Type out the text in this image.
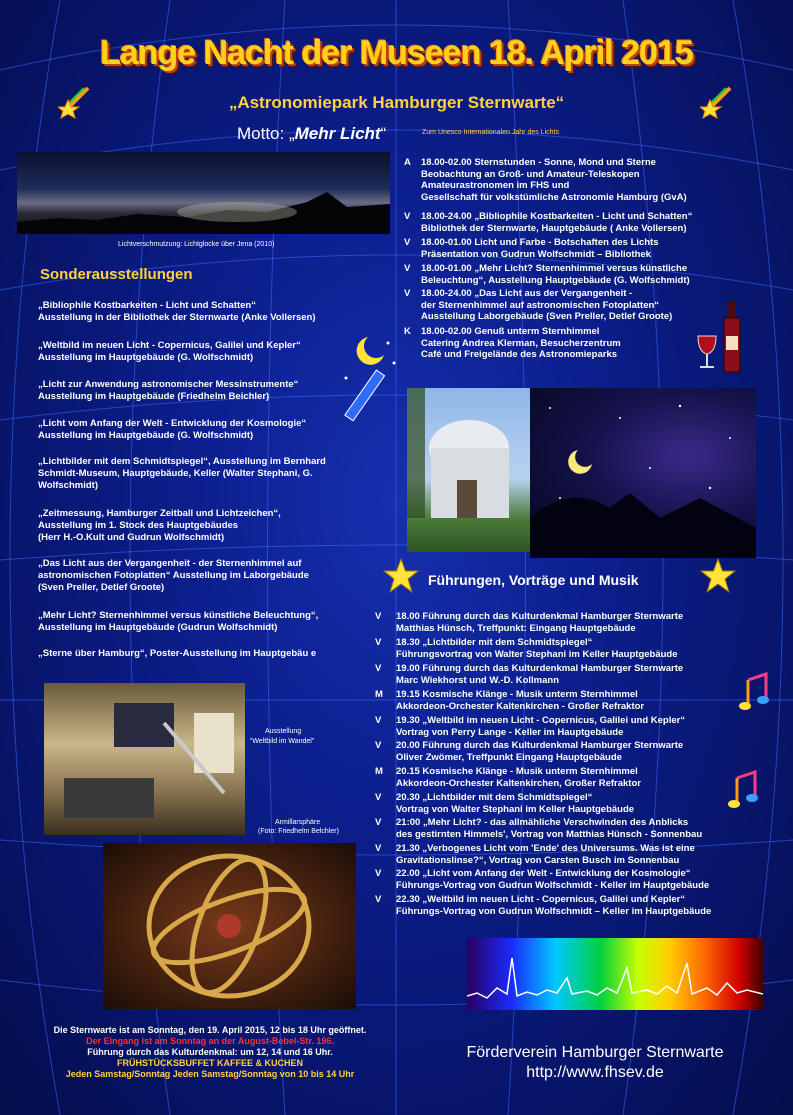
Lange Nacht der Museen 18. April 2015
„Astronomiepark Hamburger Sternwarte“
Motto: „Mehr Licht“	Zum Unesco Internationalen Jahr des Lichts
Lichtverschmutzung: Lichtglocke über Jena (2010)
Sonderausstellungen
„Bibliophile Kostbarkeiten - Licht und Schatten“
Ausstellung in der Bibliothek der Sternwarte (Anke Vollersen)
„Weltbild im neuen Licht - Copernicus, Galilei und Kepler“
Ausstellung im Hauptgebäude (G. Wolfschmidt)
„Licht zur Anwendung astronomischer Messinstrumente“
Ausstellung im Hauptgebäude (Friedhelm Beichler)
„Licht vom Anfang der Welt - Entwicklung der Kosmologie“
Ausstellung im Hauptgebäude (G. Wolfschmidt)
„Lichtbilder mit dem Schmidtspiegel“, Ausstellung im Bernhard
Schmidt-Museum, Hauptgebäude, Keller (Walter Stephani, G.
Wolfschmidt)
„Zeitmessung, Hamburger Zeitball und Lichtzeichen“,
Ausstellung im 1. Stock des Hauptgebäudes
(Herr H.-O.Kult und Gudrun Wolfschmidt)
„Das Licht aus der Vergangenheit - der Sternenhimmel auf
astronomischen Fotoplatten“ Ausstellung im Laborgebäude
(Sven Preller, Detlef Groote)
„Mehr Licht? Sternenhimmel versus künstliche Beleuchtung“,
Ausstellung im Hauptgebäude (Gudrun Wolfschmidt)
„Sterne über Hamburg“, Poster-Ausstellung im Hauptgebäu e
A 18.00-02.00 Sternstunden - Sonne, Mond und Sterne
Beobachtung an Groß- und Amateur-Teleskopen
Amateurastronomen im FHS und
Gesellschaft für volkstümliche Astronomie Hamburg (GvA)
V 18.00-24.00 „Bibliophile Kostbarkeiten - Licht und Schatten“
Bibliothek der Sternwarte, Hauptgebäude ( Anke Vollersen)
V 18.00-01.00 Licht und Farbe - Botschaften des Lichts
Präsentation von Gudrun Wolfschmidt – Bibliothek
V 18.00-01.00 „Mehr Licht? Sternenhimmel versus künstliche
Beleuchtung“, Ausstellung Hauptgebäude (G. Wolfschmidt)
V 18.00-24.00 „Das Licht aus der Vergangenheit -
der Sternenhimmel auf astronomischen Fotoplatten“
Ausstellung Laborgebäude (Sven Preller, Detlef Groote)
K 18.00-02.00 Genuß unterm Sternhimmel
Catering Andrea Klerman, Besucherzentrum
Café und Freigelände des Astronomieparks
Führungen, Vorträge und Musik
V 18.00 Führung durch das Kulturdenkmal Hamburger Sternwarte
Matthias Hünsch, Treffpunkt: Eingang Hauptgebäude
V 18.30 „Lichtbilder mit dem Schmidtspiegel“
Führungsvortrag von Walter Stephani im Keller Hauptgebäude
V 19.00 Führung durch das Kulturdenkmal Hamburger Sternwarte
Marc Wiekhorst und W.-D. Kollmann
M 19.15 Kosmische Klänge - Musik unterm Sternhimmel
Akkordeon-Orchester Kaltenkirchen - Großer Refraktor
V 19.30 „Weltbild im neuen Licht - Copernicus, Galilei und Kepler“
Vortrag von Perry Lange - Keller im Hauptgebäude
V 20.00 Führung durch das Kulturdenkmal Hamburger Sternwarte
Oliver Zwömer, Treffpunkt Eingang Hauptgebäude
M 20.15 Kosmische Klänge - Musik unterm Sternhimmel
Akkordeon-Orchester Kaltenkirchen, Großer Refraktor
V 20.30 „Lichtbilder mit dem Schmidtspiegel“
Vortrag von Walter Stephani im Keller Hauptgebäude
V 21:00 „Mehr Licht? - das allmähliche Verschwinden des Anblicks
des gestirnten Himmels', Vortrag von Matthias Hünsch - Sonnenbau
V 21.30 „Verbogenes Licht vom 'Ende' des Universums. Was ist eine
Gravitationslinse?“, Vortrag von Carsten Busch im Sonnenbau
V 22.00 „Licht vom Anfang der Welt - Entwicklung der Kosmologie“
Führungs-Vortrag von Gudrun Wolfschmidt - Keller im Hauptgebäude
V 22.30 „Weltbild im neuen Licht - Copernicus, Galilei und Kepler“
Führungs-Vortrag von Gudrun Wolfschmidt – Keller im Hauptgebäude
Ausstellung
“Weltbild im Wandel”
Armillarsphäre
(Foto: Friedhelm Belchler)
Die Sternwarte ist am Sonntag, den 19. April 2015, 12 bis 18 Uhr geöffnet.
Der Eingang ist am Sonntag an der August-Bebel-Str. 196.
Führung durch das Kulturdenkmal: um 12, 14 und 16 Uhr.
FRÜHSTÜCKSBUFFET KAFFEE & KUCHEN
Jeden Samstag/Sonntag Jeden Samstag/Sonntag von 10 bis 14 Uhr
Förderverein Hamburger Sternwarte
http://www.fhsev.de
